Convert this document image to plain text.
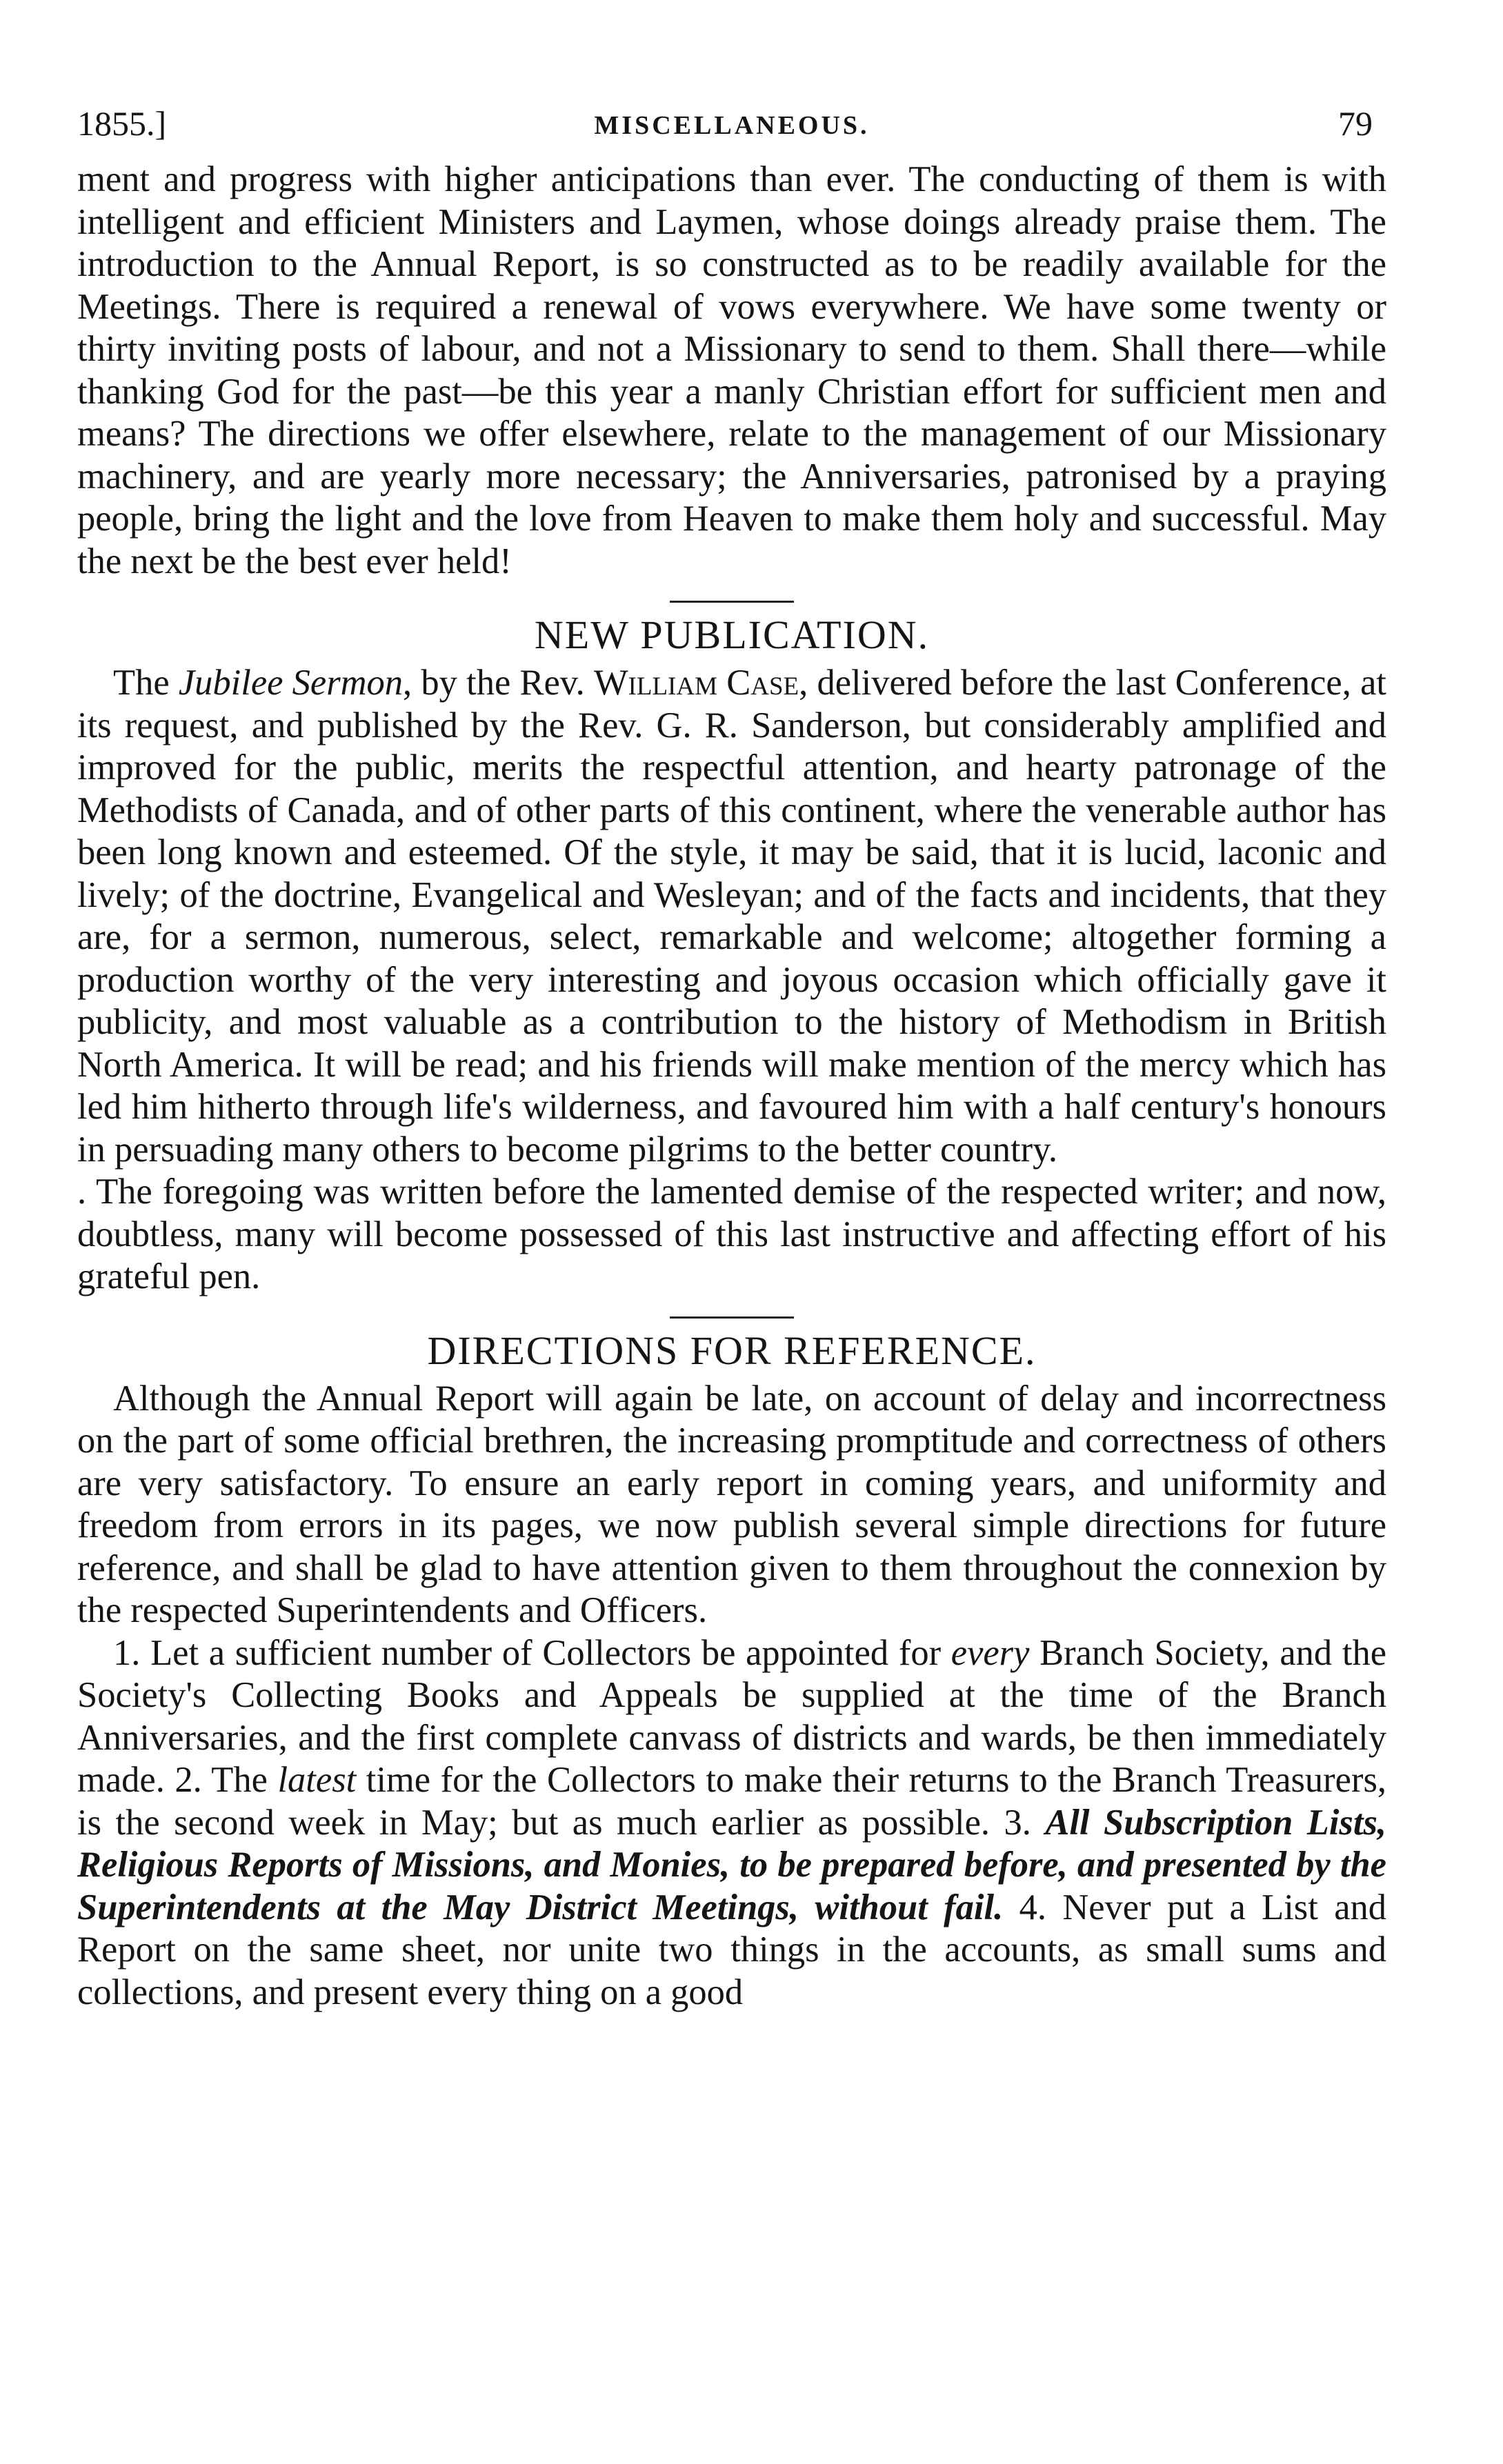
1855.]	MISCELLANEOUS.	79

ment and progress with higher anticipations than ever. The conducting of them is with intelligent and efficient Ministers and Laymen, whose doings already praise them. The introduction to the Annual Report, is so constructed as to be readily available for the Meetings. There is required a renewal of vows everywhere. We have some twenty or thirty inviting posts of labour, and not a Missionary to send to them. Shall there—while thanking God for the past—be this year a manly Christian effort for sufficient men and means? The directions we offer elsewhere, relate to the management of our Missionary machinery, and are yearly more necessary; the Anniversaries, patronised by a praying people, bring the light and the love from Heaven to make them holy and successful. May the next be the best ever held!

NEW PUBLICATION.

The Jubilee Sermon, by the Rev. William Case, delivered before the last Conference, at its request, and published by the Rev. G. R. Sanderson, but considerably amplified and improved for the public, merits the respectful attention, and hearty patronage of the Methodists of Canada, and of other parts of this continent, where the venerable author has been long known and esteemed. Of the style, it may be said, that it is lucid, laconic and lively; of the doctrine, Evangelical and Wesleyan; and of the facts and incidents, that they are, for a sermon, numerous, select, remarkable and welcome; altogether forming a production worthy of the very interesting and joyous occasion which officially gave it publicity, and most valuable as a contribution to the history of Methodism in British North America. It will be read; and his friends will make mention of the mercy which has led him hitherto through life's wilderness, and favoured him with a half century's honours in persuading many others to become pilgrims to the better country.

. The foregoing was written before the lamented demise of the respected writer; and now, doubtless, many will become possessed of this last instructive and affecting effort of his grateful pen.

DIRECTIONS FOR REFERENCE.

Although the Annual Report will again be late, on account of delay and incorrectness on the part of some official brethren, the increasing promptitude and correctness of others are very satisfactory. To ensure an early report in coming years, and uniformity and freedom from errors in its pages, we now publish several simple directions for future reference, and shall be glad to have attention given to them throughout the connexion by the respected Superintendents and Officers.

1. Let a sufficient number of Collectors be appointed for every Branch Society, and the Society's Collecting Books and Appeals be supplied at the time of the Branch Anniversaries, and the first complete canvass of districts and wards, be then immediately made. 2. The latest time for the Collectors to make their returns to the Branch Treasurers, is the second week in May; but as much earlier as possible. 3. All Subscription Lists, Religious Reports of Missions, and Monies, to be prepared before, and presented by the Superintendents at the May District Meetings, without fail. 4. Never put a List and Report on the same sheet, nor unite two things in the accounts, as small sums and collections, and present every thing on a good
